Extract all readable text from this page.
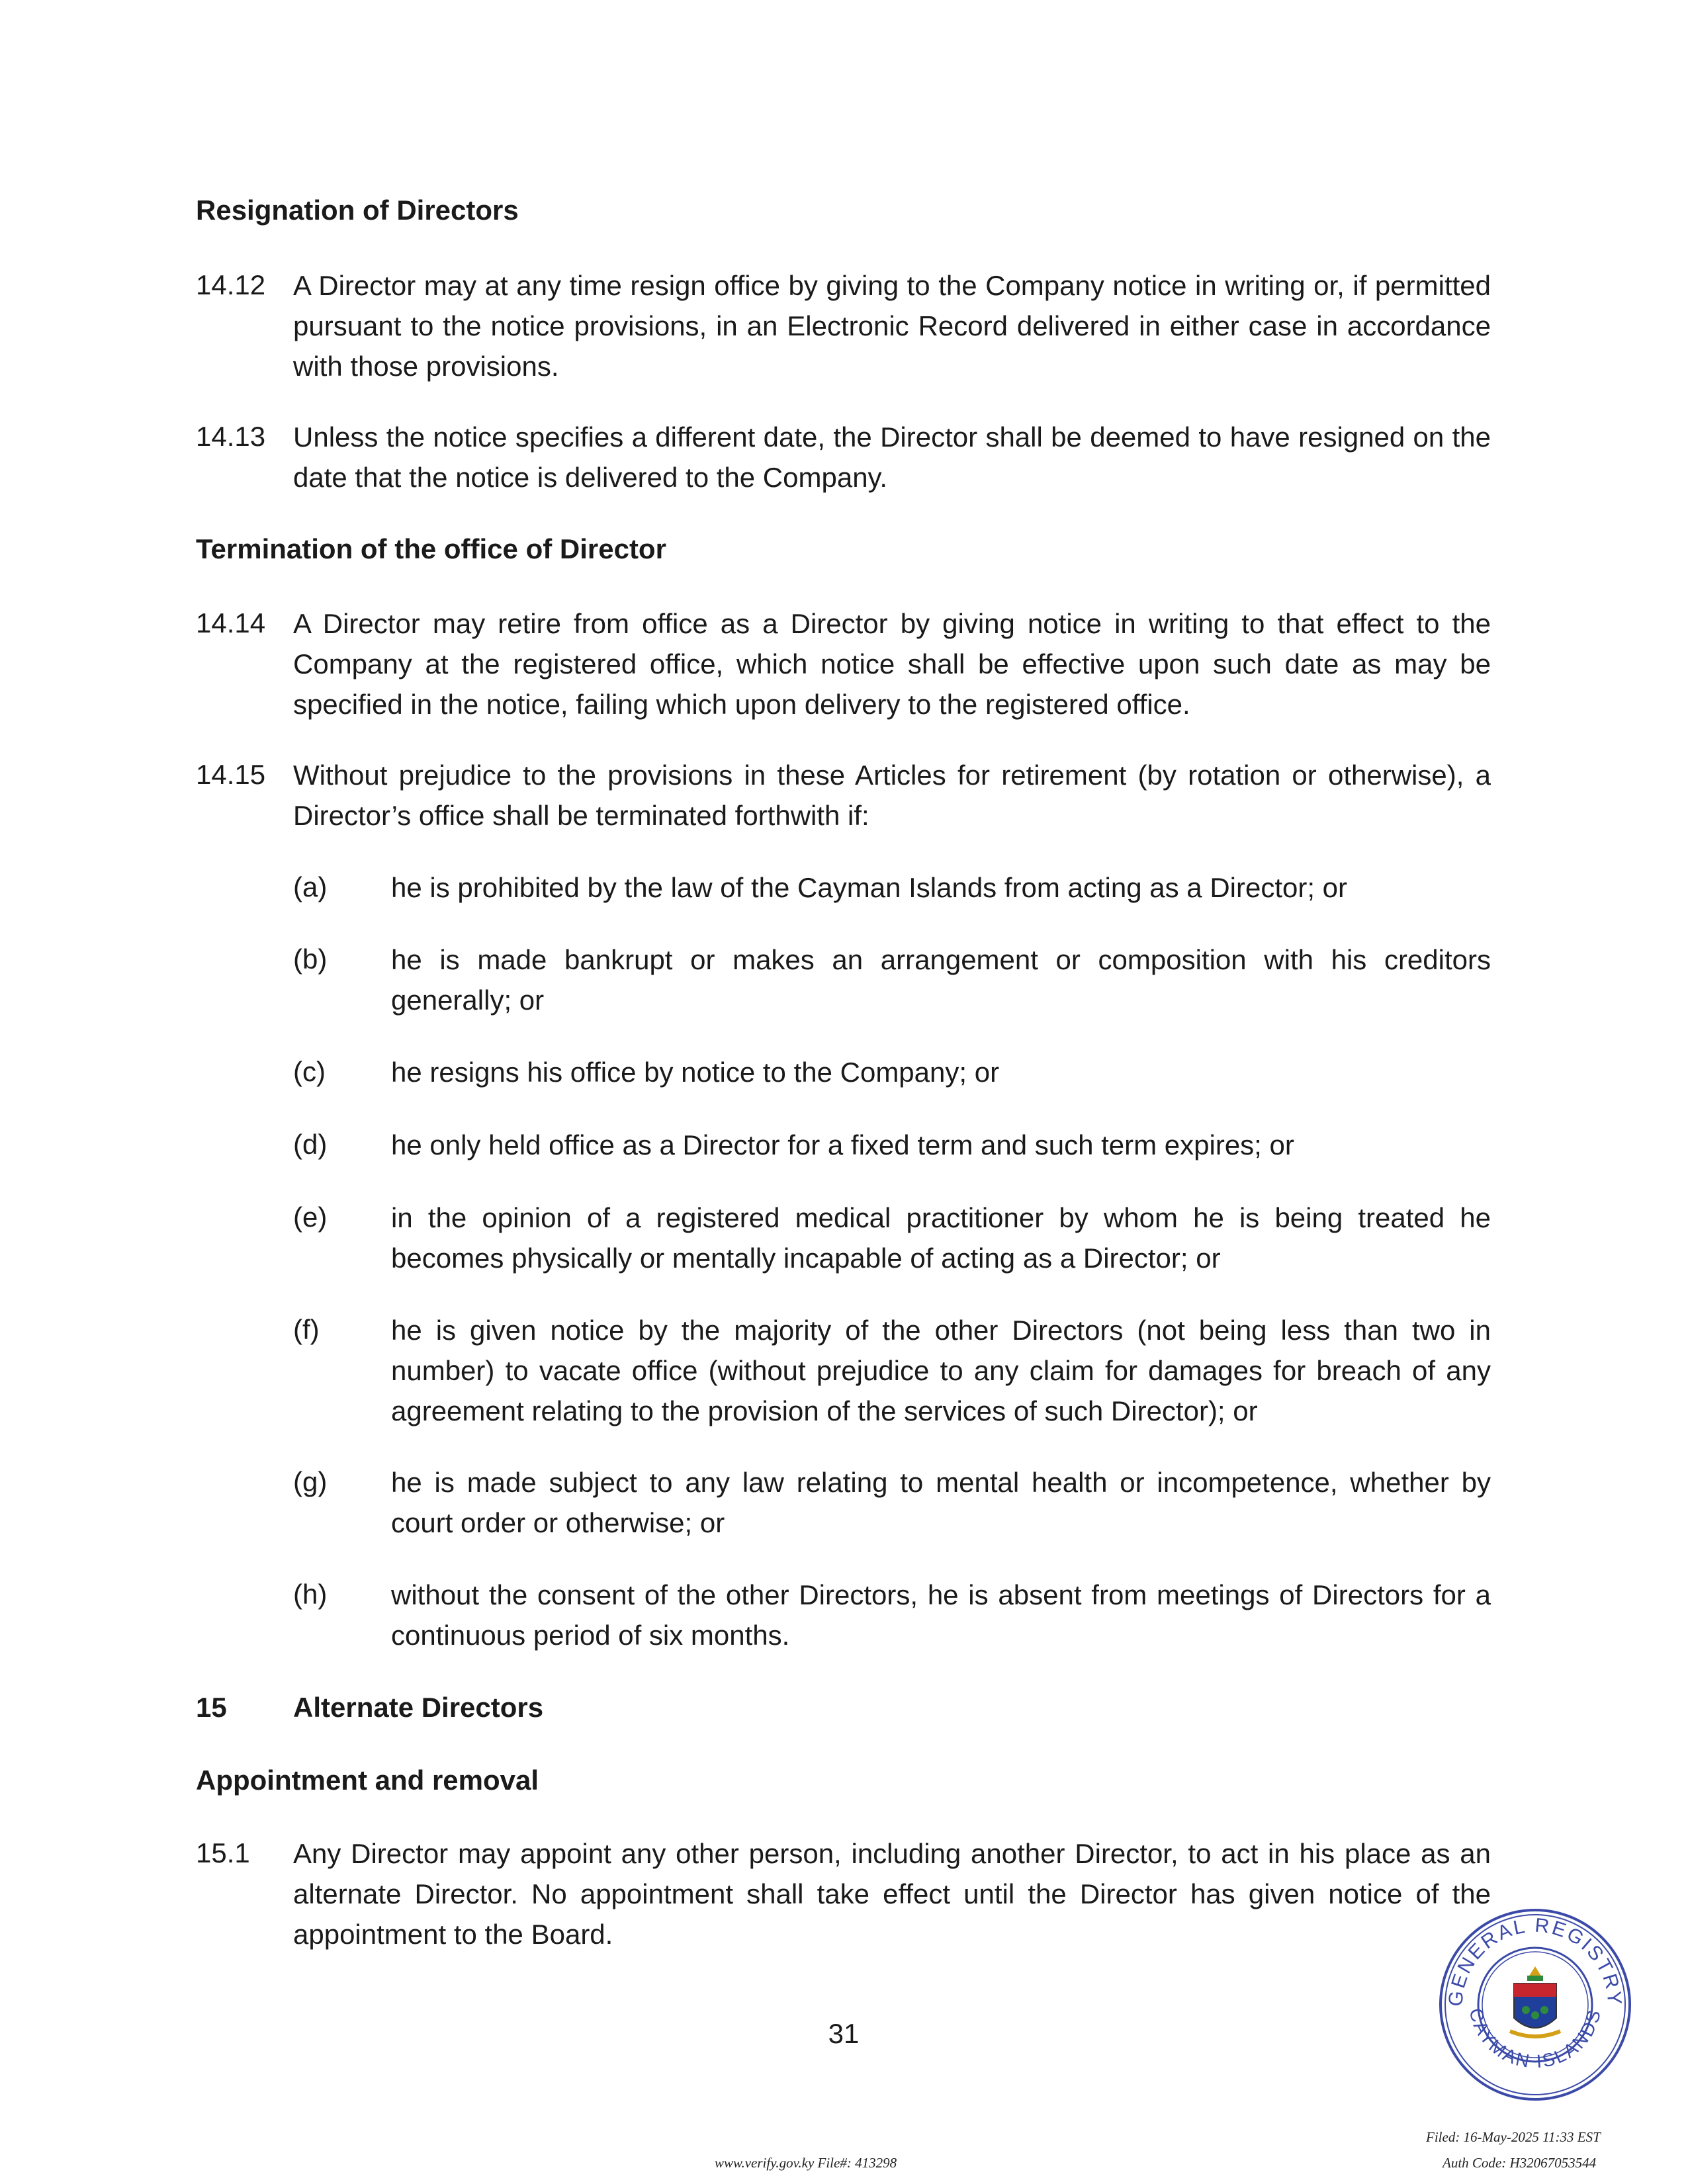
Resignation of Directors
14.12 A Director may at any time resign office by giving to the Company notice in writing or, if permitted pursuant to the notice provisions, in an Electronic Record delivered in either case in accordance with those provisions.
14.13 Unless the notice specifies a different date, the Director shall be deemed to have resigned on the date that the notice is delivered to the Company.
Termination of the office of Director
14.14 A Director may retire from office as a Director by giving notice in writing to that effect to the Company at the registered office, which notice shall be effective upon such date as may be specified in the notice, failing which upon delivery to the registered office.
14.15 Without prejudice to the provisions in these Articles for retirement (by rotation or otherwise), a Director’s office shall be terminated forthwith if:
(a) he is prohibited by the law of the Cayman Islands from acting as a Director; or
(b) he is made bankrupt or makes an arrangement or composition with his creditors generally; or
(c) he resigns his office by notice to the Company; or
(d) he only held office as a Director for a fixed term and such term expires; or
(e) in the opinion of a registered medical practitioner by whom he is being treated he becomes physically or mentally incapable of acting as a Director; or
(f)	he is given notice by the majority of the other Directors (not being less than two in number) to vacate office (without prejudice to any claim for damages for breach of any agreement relating to the provision of the services of such Director); or
(g) he is made subject to any law relating to mental health or incompetence, whether by court order or otherwise; or
(h) without the consent of the other Directors, he is absent from meetings of Directors for a continuous period of six months.
15 Alternate Directors
Appointment and removal
15.1 Any Director may appoint any other person, including another Director, to act in his place as an alternate Director. No appointment shall take effect until the Director has given notice of the appointment to the Board.
31
GENERAL REGISTRY
CAYMAN ISLANDS
www.verify.gov.ky File#: 413298
Filed: 16-May-2025 11:33 EST
Auth Code: H32067053544
